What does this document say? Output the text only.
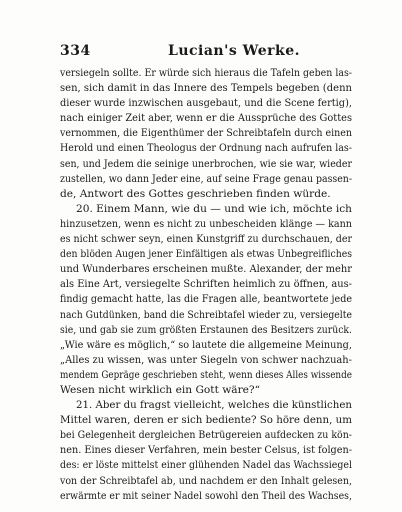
334	Lucian's Werke.
versiegeln sollte. Er würde sich hieraus die Tafeln geben las-
sen, sich damit in das Innere des Tempels begeben (denn
dieser wurde inzwischen ausgebaut, und die Scene fertig),
nach einiger Zeit aber, wenn er die Aussprüche des Gottes
vernommen, die Eigenthümer der Schreibtafeln durch einen
Herold und einen Theologus der Ordnung nach aufrufen las-
sen, und Jedem die seinige unerbrochen, wie sie war, wieder
zustellen, wo dann Jeder eine, auf seine Frage genau passen-
de, Antwort des Gottes geschrieben finden würde.
20. Einem Mann, wie du — und wie ich, möchte ich
hinzusetzen, wenn es nicht zu unbescheiden klänge — kann
es nicht schwer seyn, einen Kunstgriff zu durchschauen, der
den blöden Augen jener Einfältigen als etwas Unbegreifliches
und Wunderbares erscheinen mußte. Alexander, der mehr
als Eine Art, versiegelte Schriften heimlich zu öffnen, aus-
findig gemacht hatte, las die Fragen alle, beantwortete jede
nach Gutdünken, band die Schreibtafel wieder zu, versiegelte
sie, und gab sie zum größten Erstaunen des Besitzers zurück.
„Wie wäre es möglich,“ so lautete die allgemeine Meinung,
„Alles zu wissen, was unter Siegeln von schwer nachzuah-
mendem Gepräge geschrieben steht, wenn dieses Alles wissende
Wesen nicht wirklich ein Gott wäre?“
21. Aber du fragst vielleicht, welches die künstlichen
Mittel waren, deren er sich bediente? So höre denn, um
bei Gelegenheit dergleichen Betrügereien aufdecken zu kön-
nen. Eines dieser Verfahren, mein bester Celsus, ist folgen-
des: er löste mittelst einer glühenden Nadel das Wachssiegel
von der Schreibtafel ab, und nachdem er den Inhalt gelesen,
erwärmte er mit seiner Nadel sowohl den Theil des Wachses,
